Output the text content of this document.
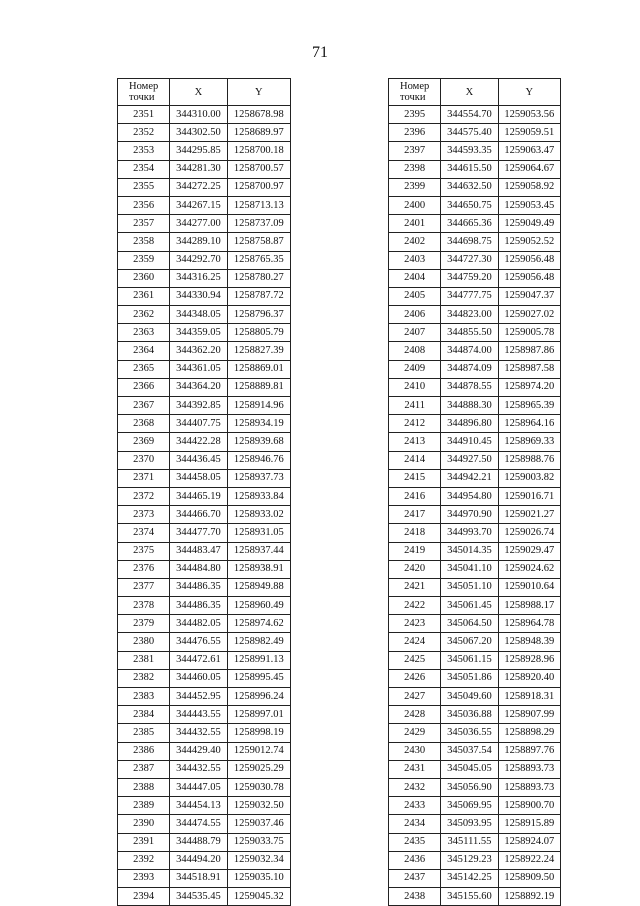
71
Номер
точки	X	Y
2351	344310.00	1258678.98
2352	344302.50	1258689.97
2353	344295.85	1258700.18
2354	344281.30	1258700.57
2355	344272.25	1258700.97
2356	344267.15	1258713.13
2357	344277.00	1258737.09
2358	344289.10	1258758.87
2359	344292.70	1258765.35
2360	344316.25	1258780.27
2361	344330.94	1258787.72
2362	344348.05	1258796.37
2363	344359.05	1258805.79
2364	344362.20	1258827.39
2365	344361.05	1258869.01
2366	344364.20	1258889.81
2367	344392.85	1258914.96
2368	344407.75	1258934.19
2369	344422.28	1258939.68
2370	344436.45	1258946.76
2371	344458.05	1258937.73
2372	344465.19	1258933.84
2373	344466.70	1258933.02
2374	344477.70	1258931.05
2375	344483.47	1258937.44
2376	344484.80	1258938.91
2377	344486.35	1258949.88
2378	344486.35	1258960.49
2379	344482.05	1258974.62
2380	344476.55	1258982.49
2381	344472.61	1258991.13
2382	344460.05	1258995.45
2383	344452.95	1258996.24
2384	344443.55	1258997.01
2385	344432.55	1258998.19
2386	344429.40	1259012.74
2387	344432.55	1259025.29
2388	344447.05	1259030.78
2389	344454.13	1259032.50
2390	344474.55	1259037.46
2391	344488.79	1259033.75
2392	344494.20	1259032.34
2393	344518.91	1259035.10
2394	344535.45	1259045.32
Номер
точки	X	Y
2395	344554.70	1259053.56
2396	344575.40	1259059.51
2397	344593.35	1259063.47
2398	344615.50	1259064.67
2399	344632.50	1259058.92
2400	344650.75	1259053.45
2401	344665.36	1259049.49
2402	344698.75	1259052.52
2403	344727.30	1259056.48
2404	344759.20	1259056.48
2405	344777.75	1259047.37
2406	344823.00	1259027.02
2407	344855.50	1259005.78
2408	344874.00	1258987.86
2409	344874.09	1258987.58
2410	344878.55	1258974.20
2411	344888.30	1258965.39
2412	344896.80	1258964.16
2413	344910.45	1258969.33
2414	344927.50	1258988.76
2415	344942.21	1259003.82
2416	344954.80	1259016.71
2417	344970.90	1259021.27
2418	344993.70	1259026.74
2419	345014.35	1259029.47
2420	345041.10	1259024.62
2421	345051.10	1259010.64
2422	345061.45	1258988.17
2423	345064.50	1258964.78
2424	345067.20	1258948.39
2425	345061.15	1258928.96
2426	345051.86	1258920.40
2427	345049.60	1258918.31
2428	345036.88	1258907.99
2429	345036.55	1258898.29
2430	345037.54	1258897.76
2431	345045.05	1258893.73
2432	345056.90	1258893.73
2433	345069.95	1258900.70
2434	345093.95	1258915.89
2435	345111.55	1258924.07
2436	345129.23	1258922.24
2437	345142.25	1258909.50
2438	345155.60	1258892.19
